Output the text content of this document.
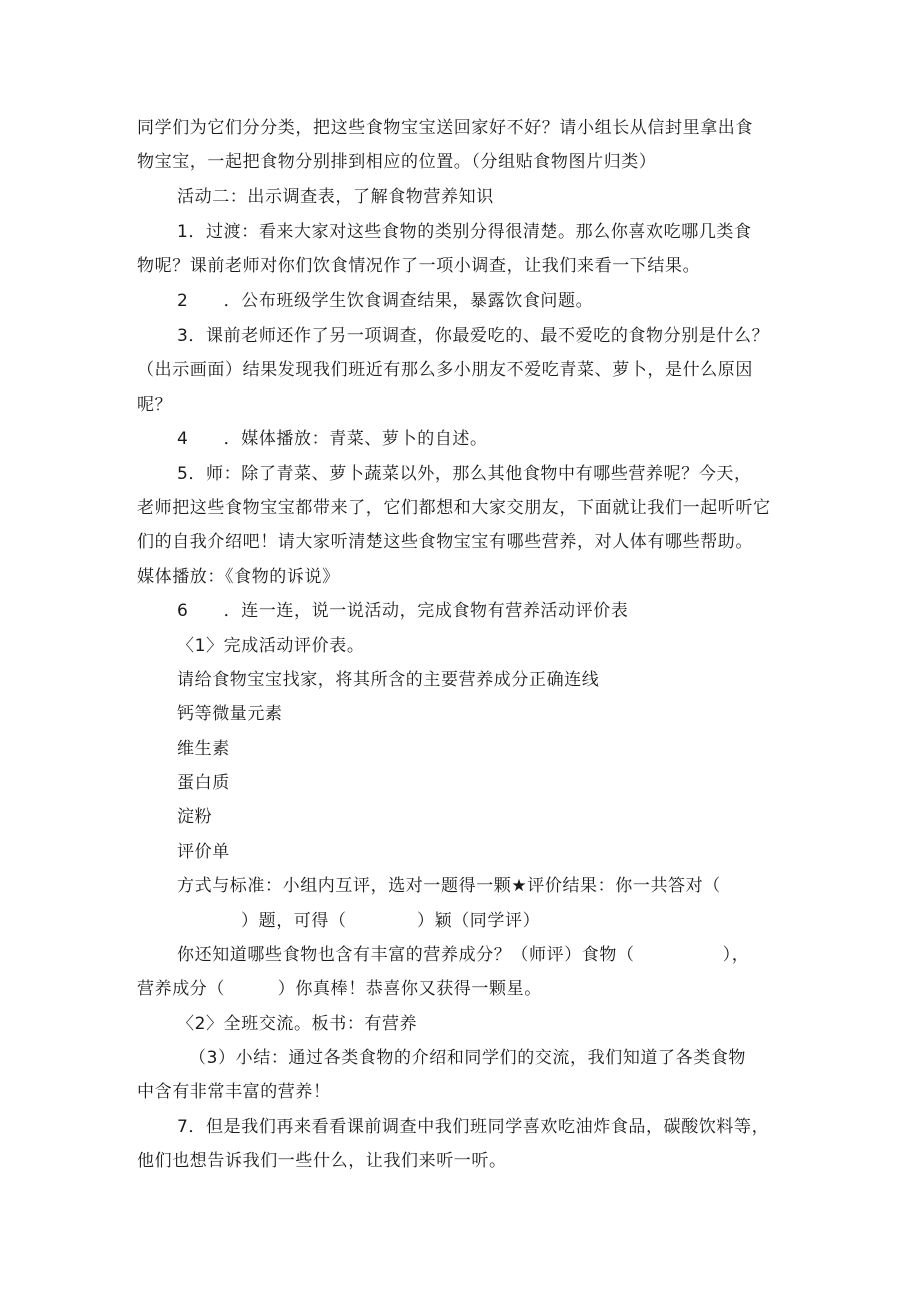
同学们为它们分分类，把这些食物宝宝送回家好不好？请小组长从信封里拿出食
物宝宝，一起把食物分别排到相应的位置。（分组贴食物图片归类）
活动二：出示调查表，了解食物营养知识
1．过渡：看来大家对这些食物的类别分得很清楚。那么你喜欢吃哪几类食
物呢？课前老师对你们饮食情况作了一项小调查，让我们来看一下结果。
2　　．公布班级学生饮食调查结果，暴露饮食问题。
3．课前老师还作了另一项调查，你最爱吃的、最不爱吃的食物分别是什么？
（出示画面）结果发现我们班近有那么多小朋友不爱吃青菜、萝卜，是什么原因
呢？
4　　．媒体播放：青菜、萝卜的自述。
5．师：除了青菜、萝卜蔬菜以外，那么其他食物中有哪些营养呢？今天，
老师把这些食物宝宝都带来了，它们都想和大家交朋友，下面就让我们一起听听它
们的自我介绍吧！请大家听清楚这些食物宝宝有哪些营养，对人体有哪些帮助。
媒体播放：《食物的诉说》
6　　．连一连，说一说活动，完成食物有营养活动评价表
〈1〉完成活动评价表。
请给食物宝宝找家，将其所含的主要营养成分正确连线
钙等微量元素
维生素
蛋白质
淀粉
评价单
方式与标准：小组内互评，选对一题得一颗★评价结果：你一共答对（
）题，可得（　　　　）颖（同学评）
你还知道哪些食物也含有丰富的营养成分？（师评）食物（　　　　　），
营养成分（　　　）你真棒！恭喜你又获得一颗星。
〈2〉全班交流。板书：有营养
（3）小结：通过各类食物的介绍和同学们的交流，我们知道了各类食物
中含有非常丰富的营养！
7．但是我们再来看看课前调查中我们班同学喜欢吃油炸食品，碳酸饮料等，
他们也想告诉我们一些什么，让我们来听一听。
